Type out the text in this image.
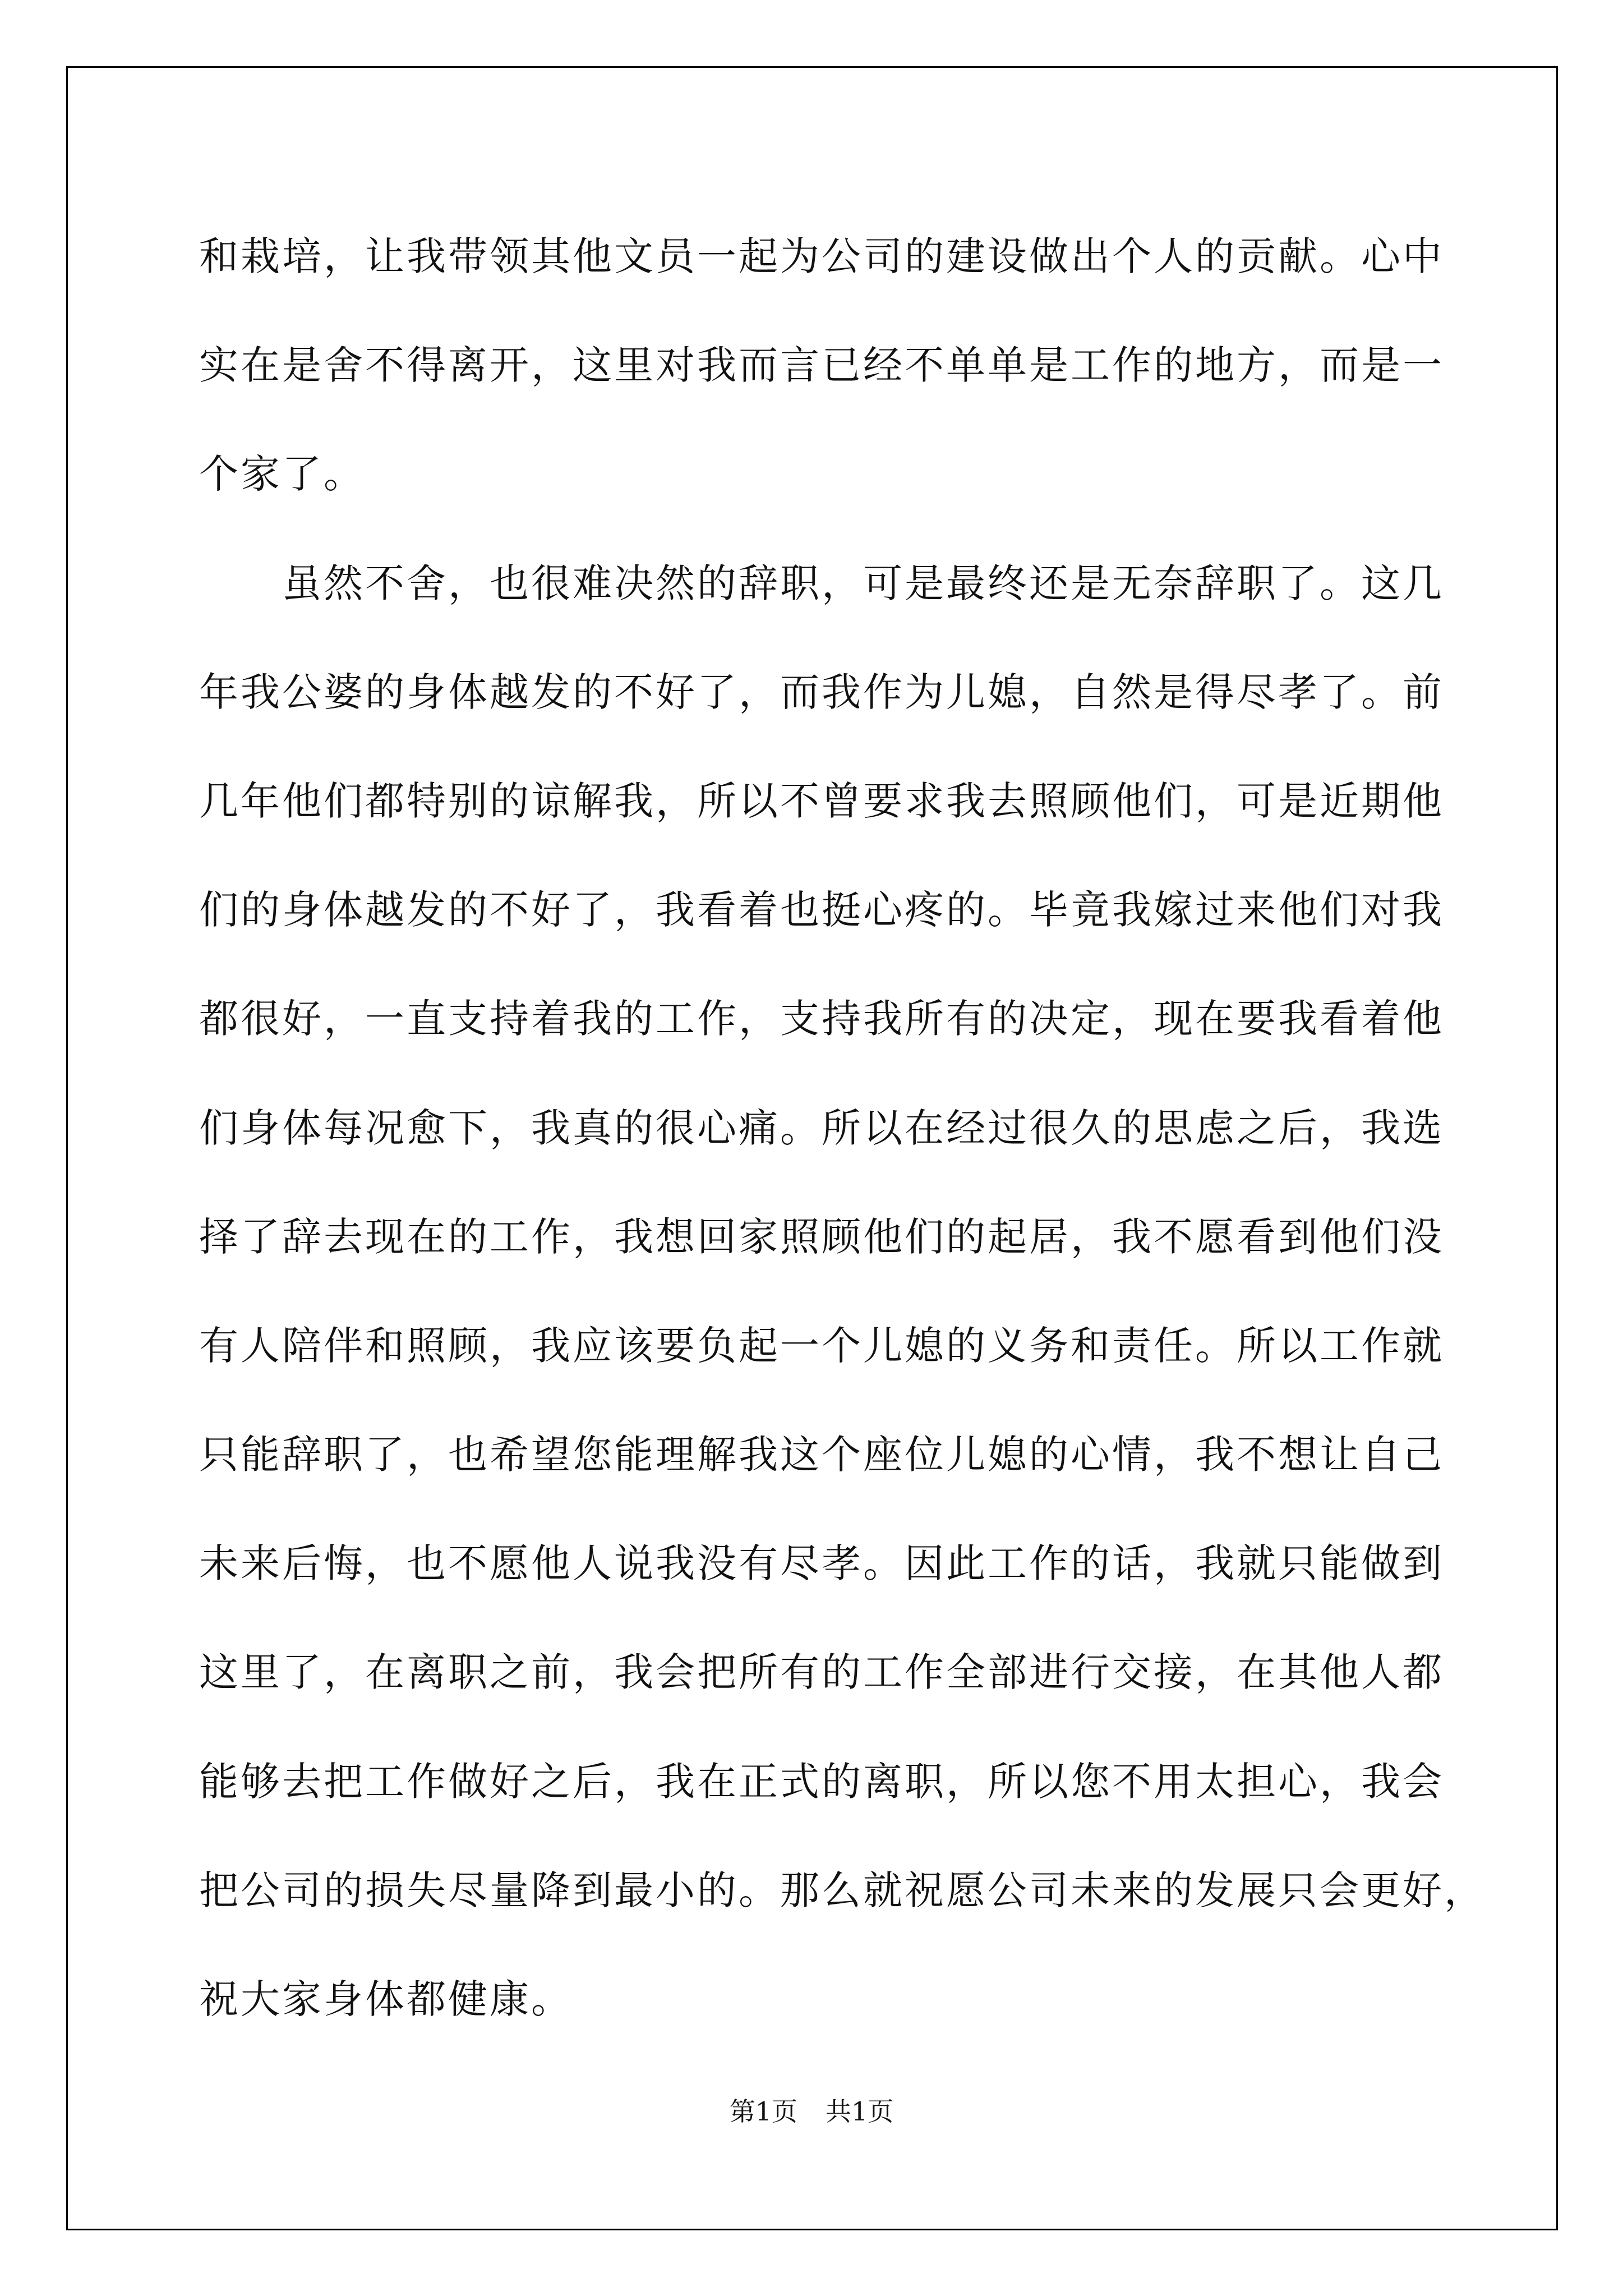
和栽培，让我带领其他文员一起为公司的建设做出个人的贡献。心中
实在是舍不得离开，这里对我而言已经不单单是工作的地方，而是一
个家了。
虽然不舍，也很难决然的辞职，可是最终还是无奈辞职了。这几
年我公婆的身体越发的不好了，而我作为儿媳，自然是得尽孝了。前
几年他们都特别的谅解我，所以不曾要求我去照顾他们，可是近期他
们的身体越发的不好了，我看着也挺心疼的。毕竟我嫁过来他们对我
都很好，一直支持着我的工作，支持我所有的决定，现在要我看着他
们身体每况愈下，我真的很心痛。所以在经过很久的思虑之后，我选
择了辞去现在的工作，我想回家照顾他们的起居，我不愿看到他们没
有人陪伴和照顾，我应该要负起一个儿媳的义务和责任。所以工作就
只能辞职了，也希望您能理解我这个座位儿媳的心情，我不想让自己
未来后悔，也不愿他人说我没有尽孝。因此工作的话，我就只能做到
这里了，在离职之前，我会把所有的工作全部进行交接，在其他人都
能够去把工作做好之后，我在正式的离职，所以您不用太担心，我会
把公司的损失尽量降到最小的。那么就祝愿公司未来的发展只会更好，
祝大家身体都健康。
第1页 共1页
